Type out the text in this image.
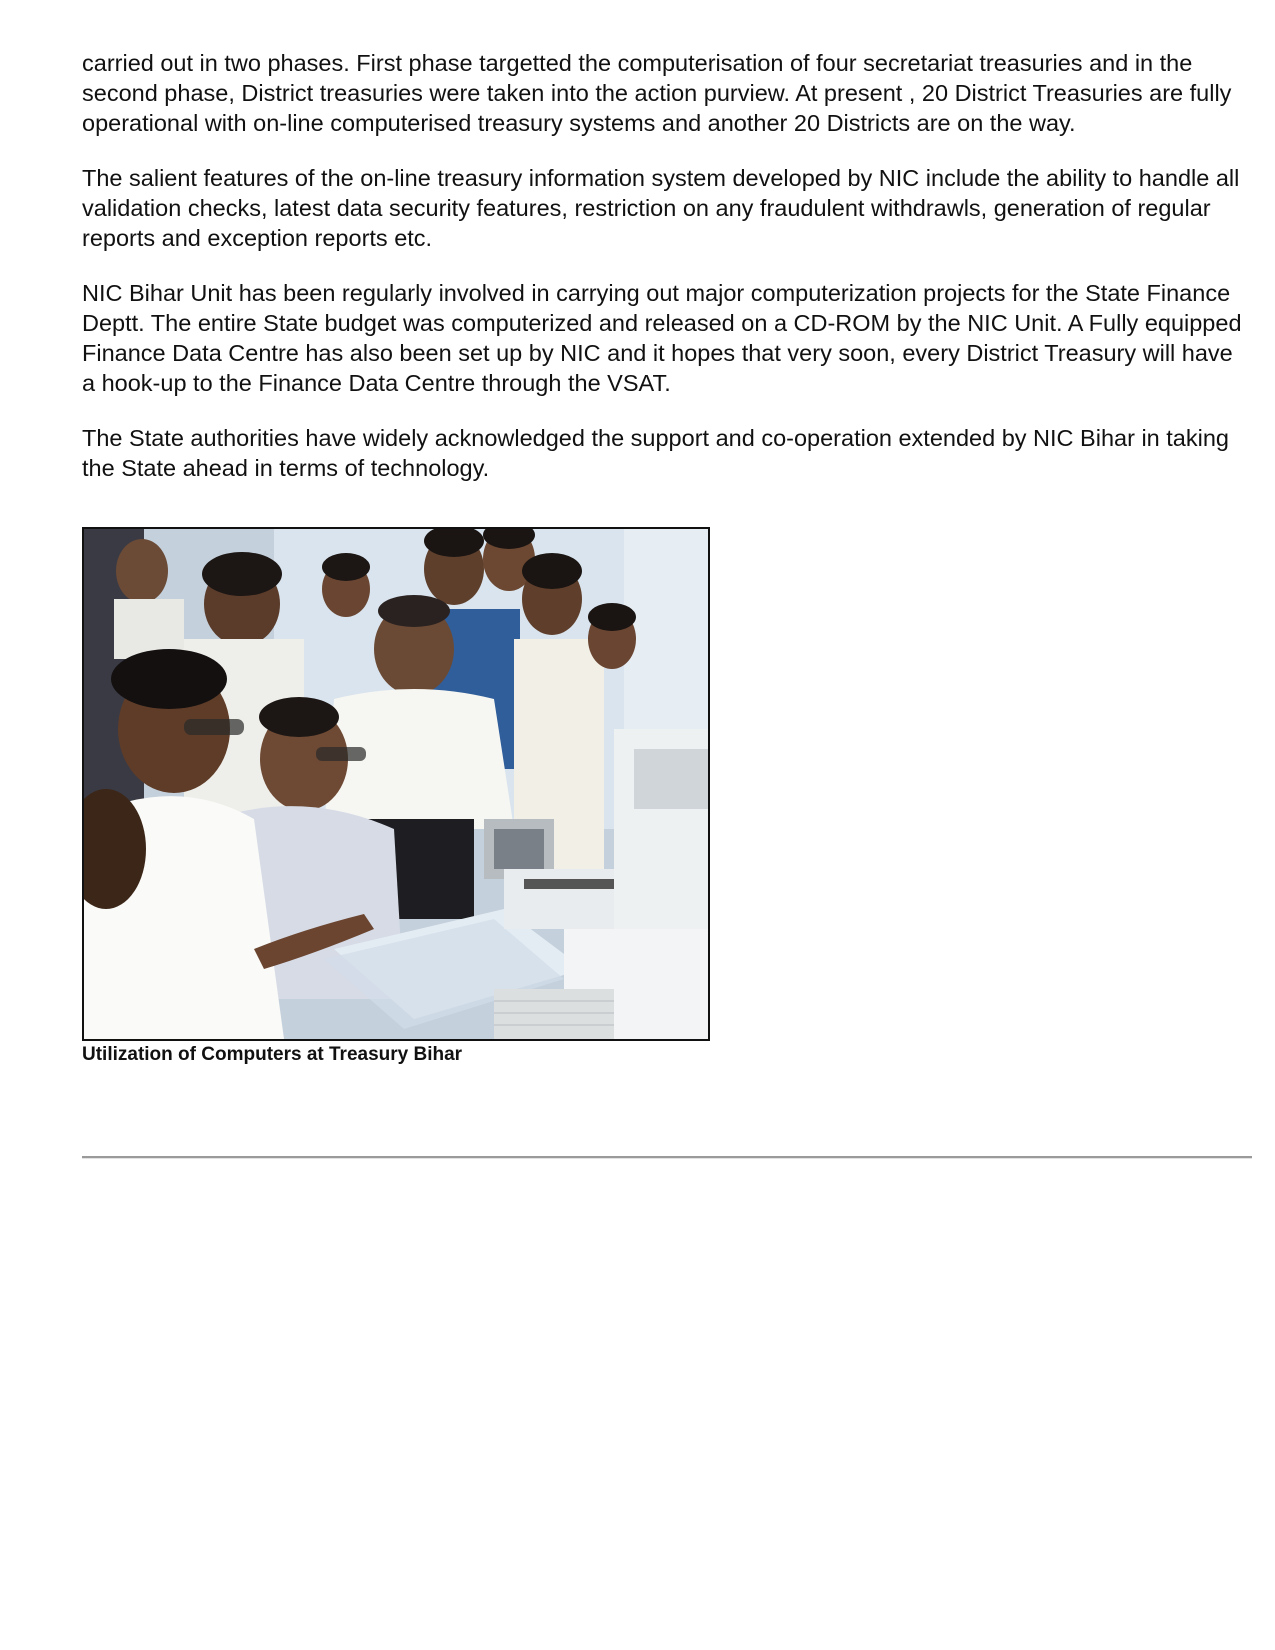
carried out in two phases. First phase targetted the computerisation of four secretariat treasuries and in the second phase, District treasuries were taken into the action purview. At present , 20 District Treasuries are fully operational with on-line computerised treasury systems and another 20 Districts are on the way.

The salient features of the on-line treasury information system developed by NIC include the ability to handle all validation checks, latest data security features, restriction on any fraudulent withdrawls, generation of regular reports and exception reports etc.

NIC Bihar Unit has been regularly involved in carrying out major computerization projects for the State Finance Deptt. The entire State budget was computerized and released on a CD-ROM by the NIC Unit. A Fully equipped Finance Data Centre has also been set up by NIC and it hopes that very soon, every District Treasury will have a hook-up to the Finance Data Centre through the VSAT.

The State authorities have widely acknowledged the support and co-operation extended by NIC Bihar in taking the State ahead in terms of technology.

Utilization of Computers at Treasury Bihar
